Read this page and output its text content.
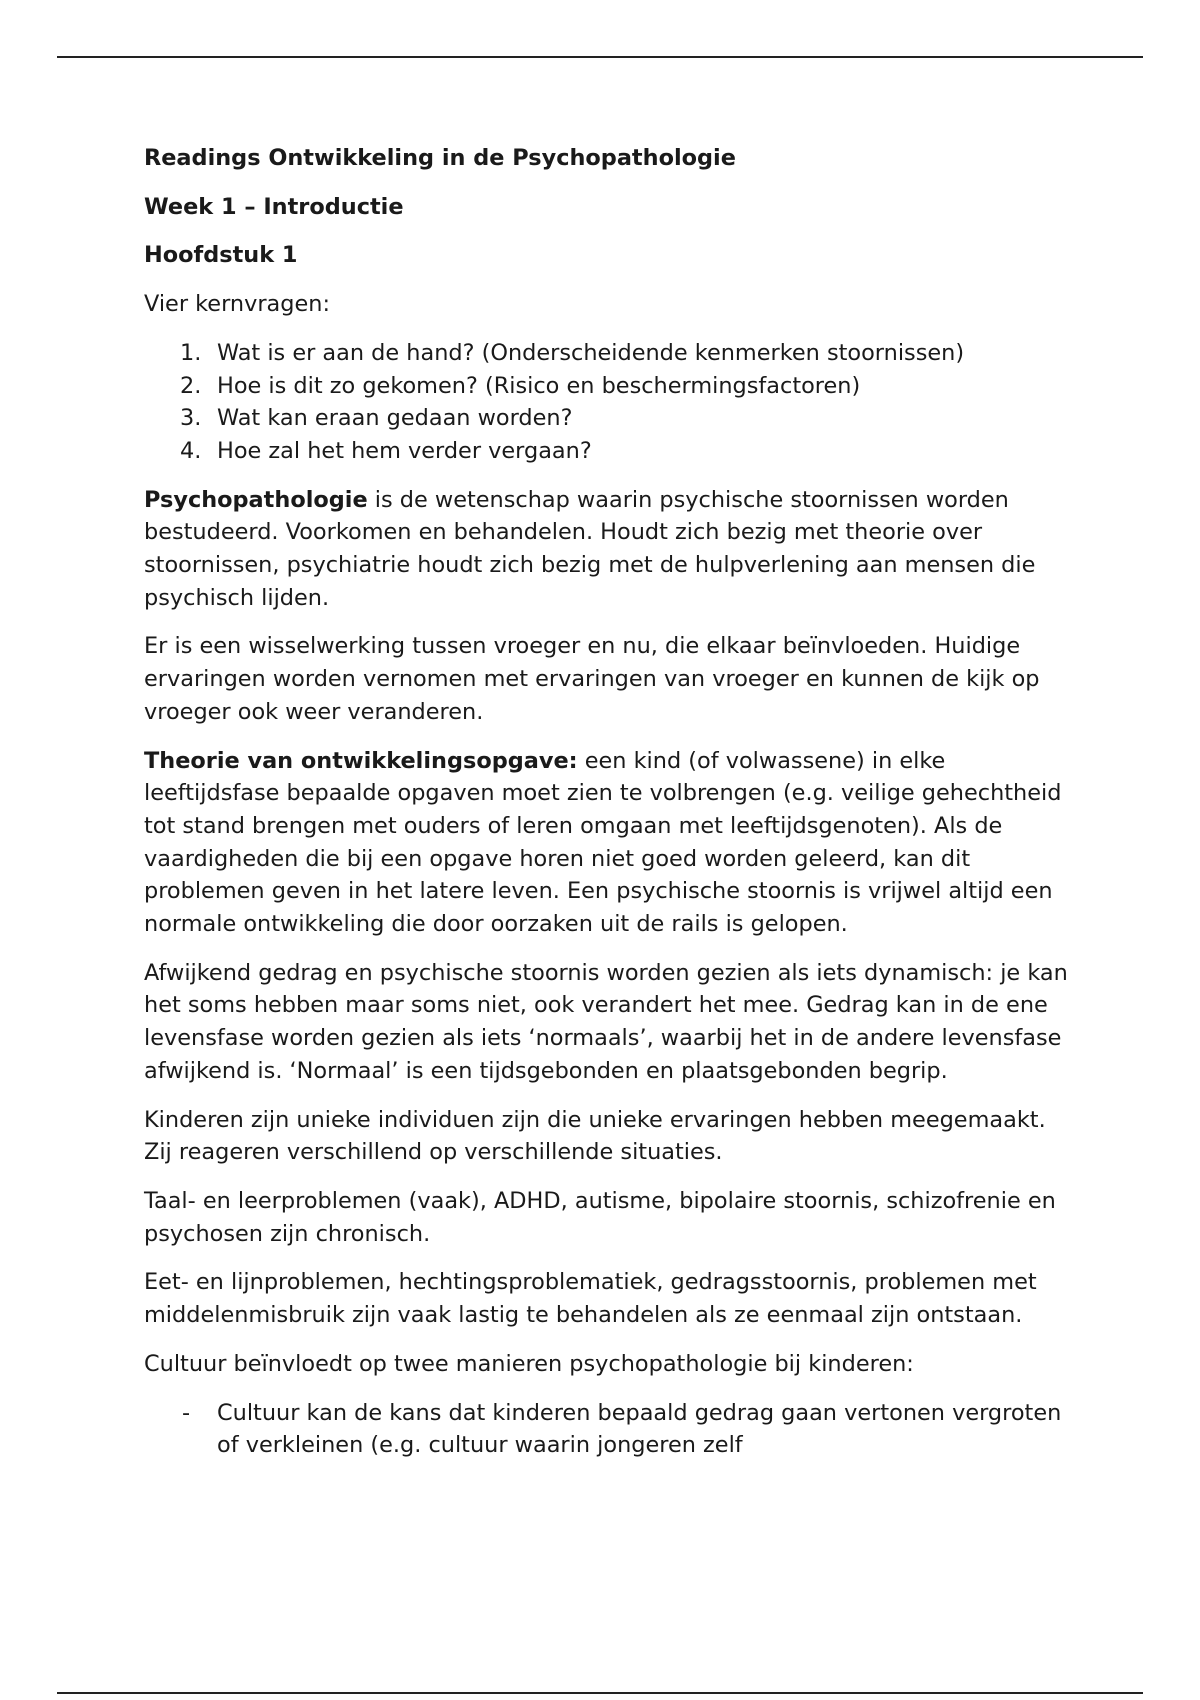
Readings Ontwikkeling in de Psychopathologie
Week 1 – Introductie
Hoofdstuk 1

Vier kernvragen:

1. Wat is er aan de hand? (Onderscheidende kenmerken stoornissen)
2. Hoe is dit zo gekomen? (Risico en beschermingsfactoren)
3. Wat kan eraan gedaan worden?
4. Hoe zal het hem verder vergaan?

Psychopathologie is de wetenschap waarin psychische stoornissen worden bestudeerd. Voorkomen en behandelen. Houdt zich bezig met theorie over stoornissen, psychiatrie houdt zich bezig met de hulpverlening aan mensen die psychisch lijden.

Er is een wisselwerking tussen vroeger en nu, die elkaar beïnvloeden. Huidige ervaringen worden vernomen met ervaringen van vroeger en kunnen de kijk op vroeger ook weer veranderen.

Theorie van ontwikkelingsopgave: een kind (of volwassene) in elke leeftijdsfase bepaalde opgaven moet zien te volbrengen (e.g. veilige gehechtheid tot stand brengen met ouders of leren omgaan met leeftijdsgenoten). Als de vaardigheden die bij een opgave horen niet goed worden geleerd, kan dit problemen geven in het latere leven. Een psychische stoornis is vrijwel altijd een normale ontwikkeling die door oorzaken uit de rails is gelopen.

Afwijkend gedrag en psychische stoornis worden gezien als iets dynamisch: je kan het soms hebben maar soms niet, ook verandert het mee. Gedrag kan in de ene levensfase worden gezien als iets ‘normaals’, waarbij het in de andere levensfase afwijkend is. ‘Normaal’ is een tijdsgebonden en plaatsgebonden begrip.

Kinderen zijn unieke individuen zijn die unieke ervaringen hebben meegemaakt. Zij reageren verschillend op verschillende situaties.

Taal- en leerproblemen (vaak), ADHD, autisme, bipolaire stoornis, schizofrenie en psychosen zijn chronisch.

Eet- en lijnproblemen, hechtingsproblematiek, gedragsstoornis, problemen met middelenmisbruik zijn vaak lastig te behandelen als ze eenmaal zijn ontstaan.

Cultuur beïnvloedt op twee manieren psychopathologie bij kinderen:

- Cultuur kan de kans dat kinderen bepaald gedrag gaan vertonen vergroten of verkleinen (e.g. cultuur waarin jongeren zelf
